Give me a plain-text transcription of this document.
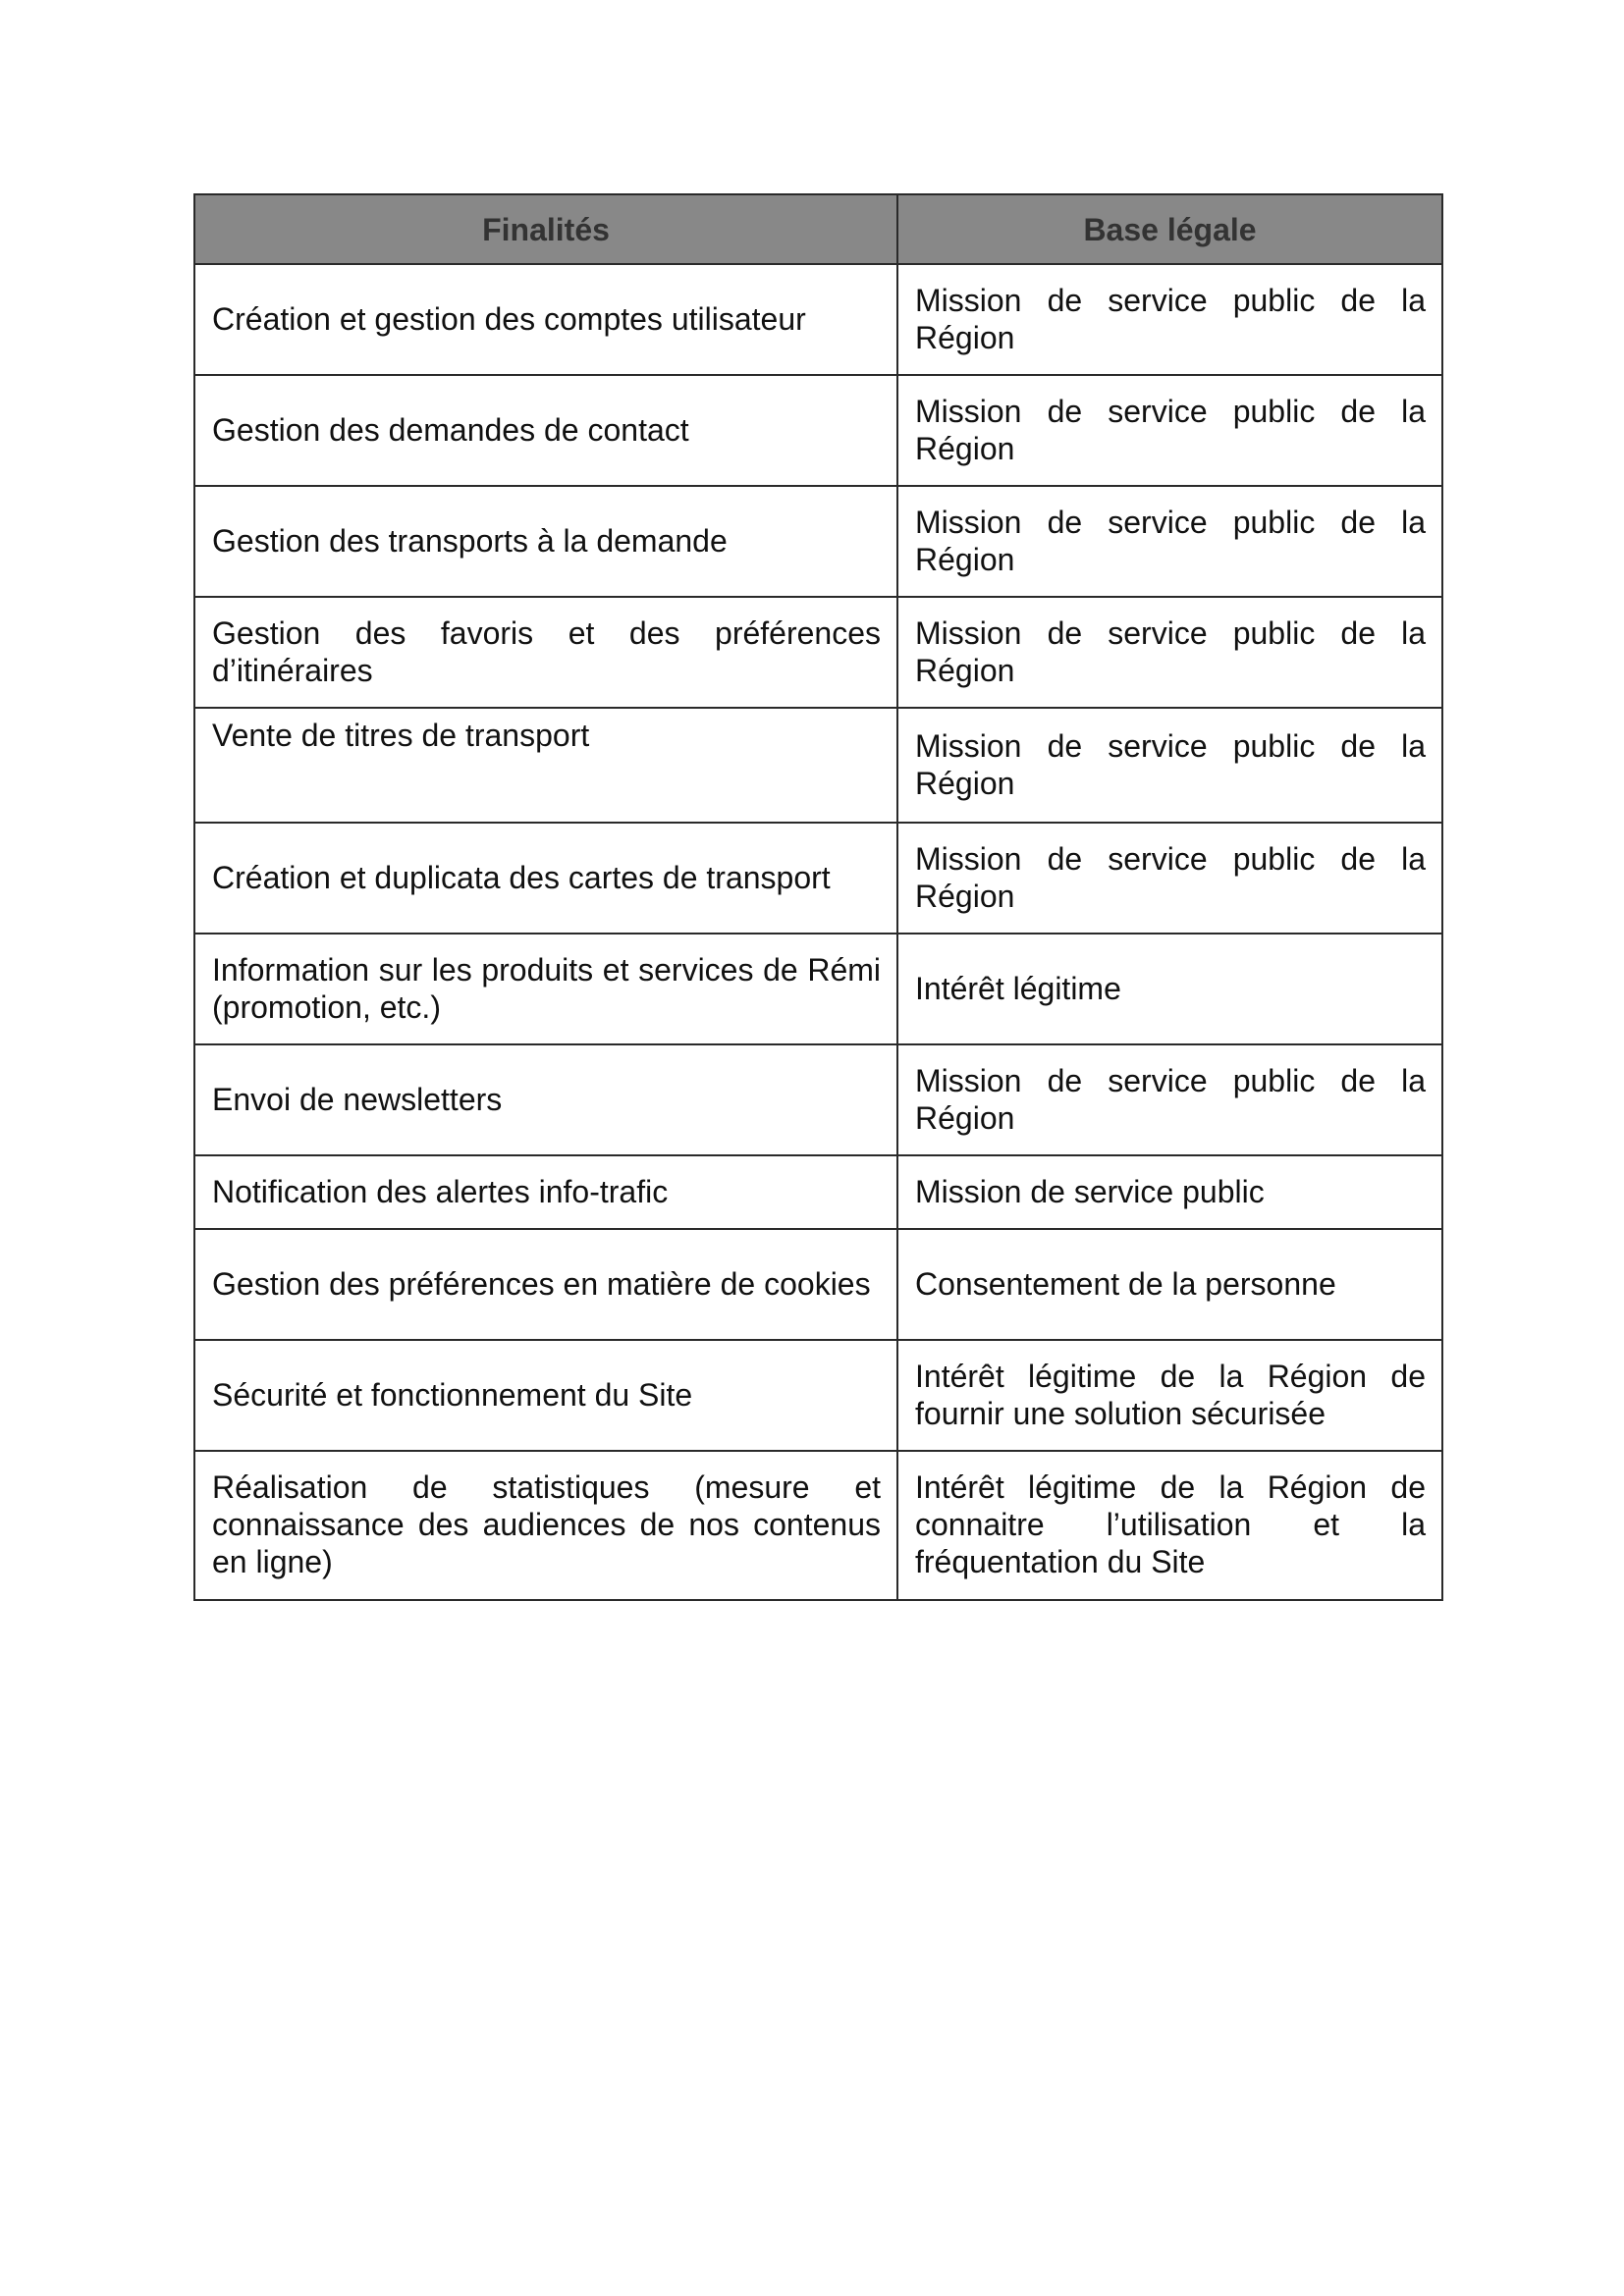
Finalités	Base légale
Création et gestion des comptes utilisateur	Mission de service public de la Région
Gestion des demandes de contact	Mission de service public de la Région
Gestion des transports à la demande	Mission de service public de la Région
Gestion des favoris et des préférences d’itinéraires	Mission de service public de la Région
Vente de titres de transport	Mission de service public de la Région
Création et duplicata des cartes de transport	Mission de service public de la Région
Information sur les produits et services de Rémi (promotion, etc.)	Intérêt légitime
Envoi de newsletters	Mission de service public de la Région
Notification des alertes info-trafic	Mission de service public
Gestion des préférences en matière de cookies	Consentement de la personne
Sécurité et fonctionnement du Site	Intérêt légitime de la Région de fournir une solution sécurisée
Réalisation de statistiques (mesure et connaissance des audiences de nos contenus en ligne)	Intérêt légitime de la Région de connaitre l’utilisation et la fréquentation du Site
